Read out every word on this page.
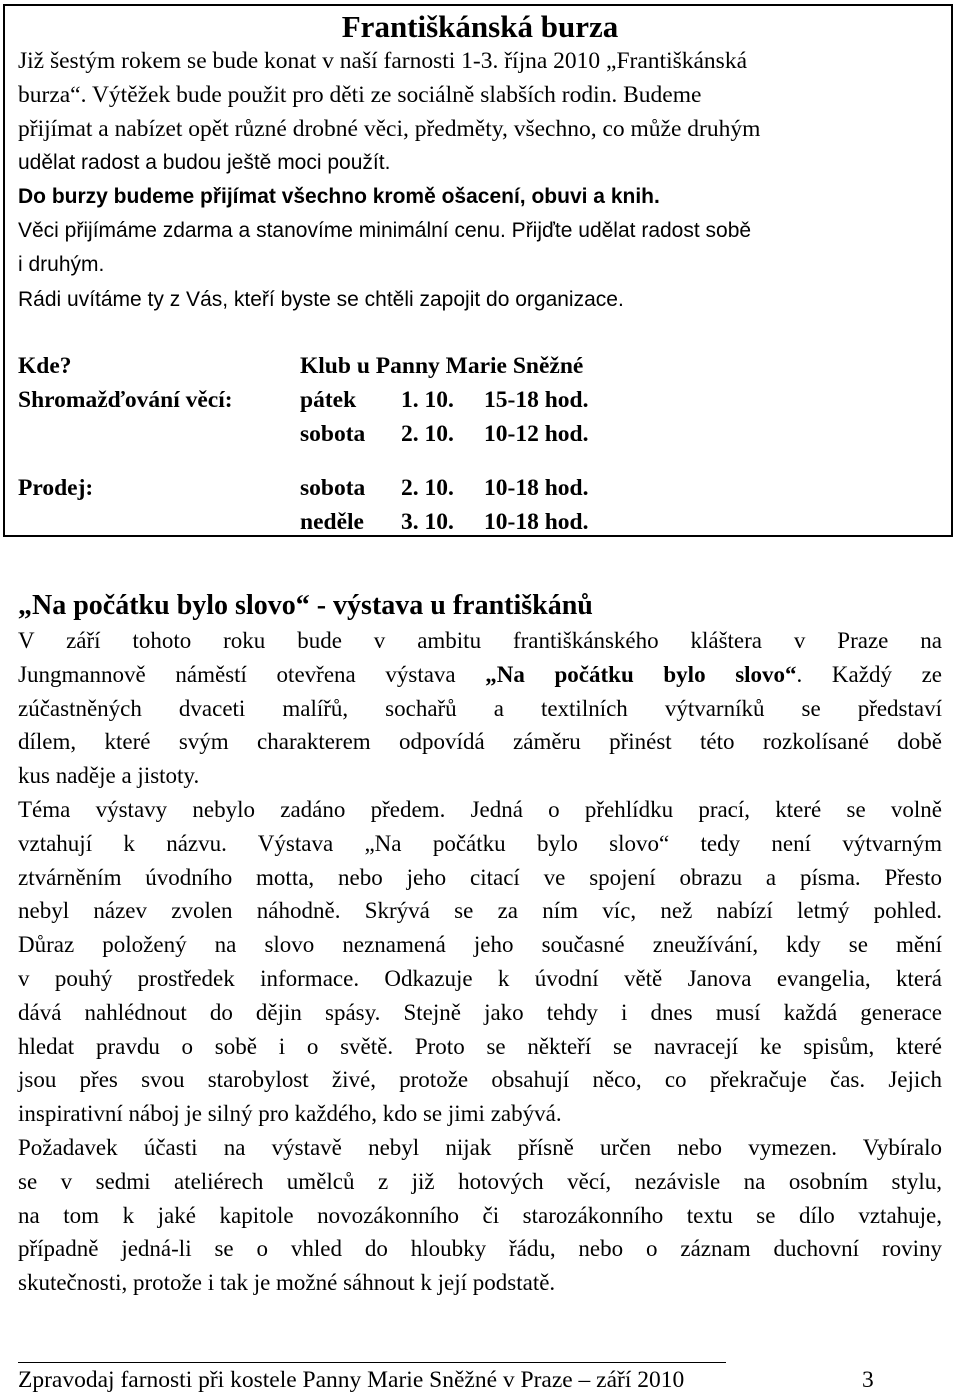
Františkánská burza
Již šestým rokem se bude konat v naší farnosti 1-3. října 2010 „Františkánská
burza“. Výtěžek bude použit pro děti ze sociálně slabších rodin. Budeme
přijímat a nabízet opět různé drobné věci, předměty, všechno, co může druhým
udělat radost a budou ještě moci použít.
Do burzy budeme přijímat všechno kromě ošacení, obuvi a knih.
Věci přijímáme zdarma a stanovíme minimální cenu. Přijďte udělat radost sobě
i druhým.
Rádi uvítáme ty z Vás, kteří byste se chtěli zapojit do organizace.
Kde?	Klub u Panny Marie Sněžné
Shromažďování věcí:	pátek 1. 10. 15-18 hod.
sobota 2. 10. 10-12 hod.
Prodej:	sobota 2. 10. 10-18 hod.
neděle 3. 10. 10-18 hod.
„Na počátku bylo slovo“ - výstava u františkánů

V září tohoto roku bude v ambitu františkánského kláštera v Praze na

Jungmannově náměstí otevřena výstava „Na počátku bylo slovo“. Každý ze

zúčastněných dvaceti malířů, sochařů a textilních výtvarníků se představí

dílem, které svým charakterem odpovídá záměru přinést této rozkolísané době

kus naděje a jistoty.

Téma výstavy nebylo zadáno předem. Jedná o přehlídku prací, které se volně

vztahují k názvu. Výstava „Na počátku bylo slovo“ tedy není výtvarným

ztvárněním úvodního motta, nebo jeho citací ve spojení obrazu a písma. Přesto

nebyl název zvolen náhodně. Skrývá se za ním víc, než nabízí letmý pohled.

Důraz položený na slovo neznamená jeho současné zneužívání, kdy se mění

v pouhý prostředek informace. Odkazuje k úvodní větě Janova evangelia, která

dává nahlédnout do dějin spásy. Stejně jako tehdy i dnes musí každá generace

hledat pravdu o sobě i o světě. Proto se někteří se navracejí ke spisům, které

jsou přes svou starobylost živé, protože obsahují něco, co překračuje čas. Jejich

inspirativní náboj je silný pro každého, kdo se jimi zabývá.

Požadavek účasti na výstavě nebyl nijak přísně určen nebo vymezen. Vybíralo

se v sedmi ateliérech umělců z již hotových věcí, nezávisle na osobním stylu,

na tom k jaké kapitole novozákonního či starozákonního textu se dílo vztahuje,

případně jedná-li se o vhled do hloubky řádu, nebo o záznam duchovní roviny

skutečnosti, protože i tak je možné sáhnout k její podstatě.

Zpravodaj farnosti při kostele Panny Marie Sněžné v Praze – září 2010	3
